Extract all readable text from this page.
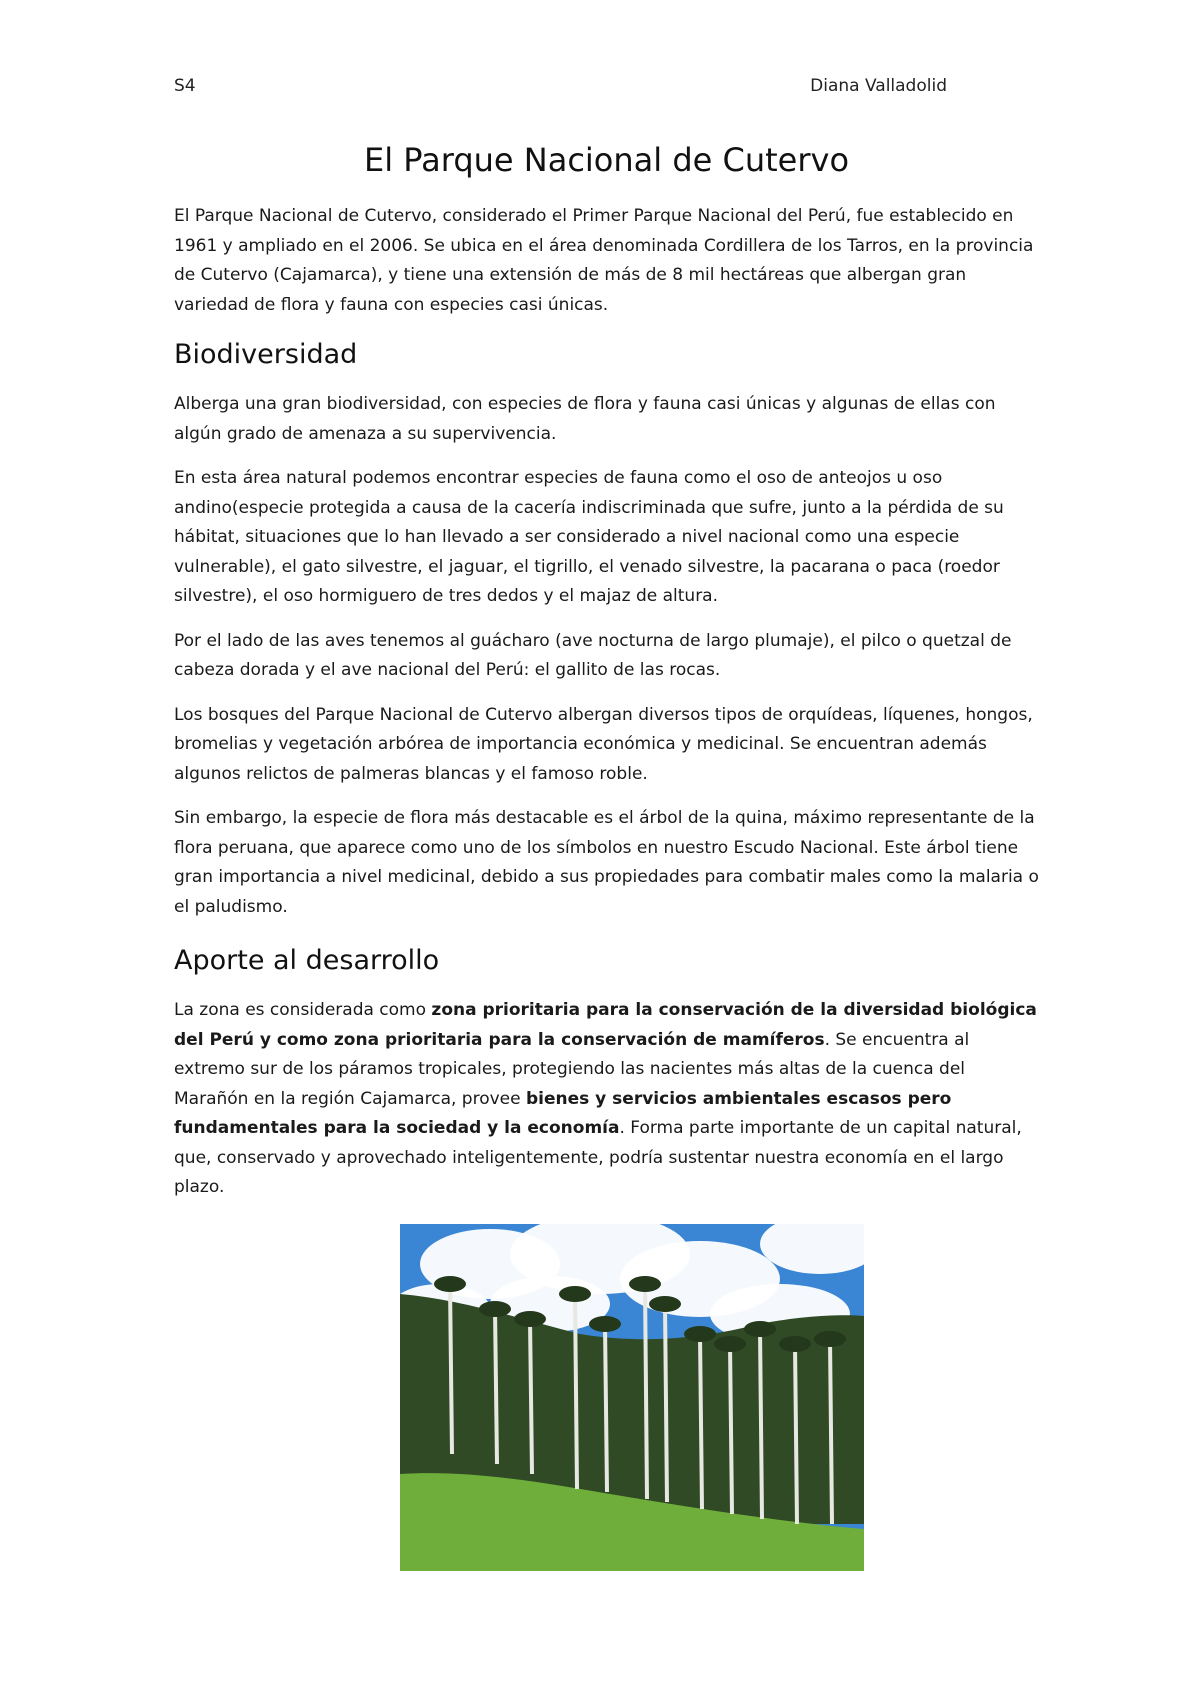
S4	Diana Valladolid
El Parque Nacional de Cutervo

El Parque Nacional de Cutervo, considerado el Primer Parque Nacional del Perú, fue establecido en 1961 y ampliado en el 2006. Se ubica en el área denominada Cordillera de los Tarros, en la provincia de Cutervo (Cajamarca), y tiene una extensión de más de 8 mil hectáreas que albergan gran variedad de flora y fauna con especies casi únicas.

Biodiversidad

Alberga una gran biodiversidad, con especies de flora y fauna casi únicas y algunas de ellas con algún grado de amenaza a su supervivencia.

En esta área natural podemos encontrar especies de fauna como el oso de anteojos u oso andino(especie protegida a causa de la cacería indiscriminada que sufre, junto a la pérdida de su hábitat, situaciones que lo han llevado a ser considerado a nivel nacional como una especie vulnerable), el gato silvestre, el jaguar, el tigrillo, el venado silvestre, la pacarana o paca (roedor silvestre), el oso hormiguero de tres dedos y el majaz de altura.

Por el lado de las aves tenemos al guácharo (ave nocturna de largo plumaje), el pilco o quetzal de cabeza dorada y el ave nacional del Perú: el gallito de las rocas.

Los bosques del Parque Nacional de Cutervo albergan diversos tipos de orquídeas, líquenes, hongos, bromelias y vegetación arbórea de importancia económica y medicinal. Se encuentran además algunos relictos de palmeras blancas y el famoso roble.

Sin embargo, la especie de flora más destacable es el árbol de la quina, máximo representante de la flora peruana, que aparece como uno de los símbolos en nuestro Escudo Nacional. Este árbol tiene gran importancia a nivel medicinal, debido a sus propiedades para combatir males como la malaria o el paludismo.

Aporte al desarrollo

La zona es considerada como zona prioritaria para la conservación de la diversidad biológica del Perú y como zona prioritaria para la conservación de mamíferos. Se encuentra al extremo sur de los páramos tropicales, protegiendo las nacientes más altas de la cuenca del Marañón en la región Cajamarca, provee bienes y servicios ambientales escasos pero fundamentales para la sociedad y la economía. Forma parte importante de un capital natural, que, conservado y aprovechado inteligentemente, podría sustentar nuestra economía en el largo plazo.
